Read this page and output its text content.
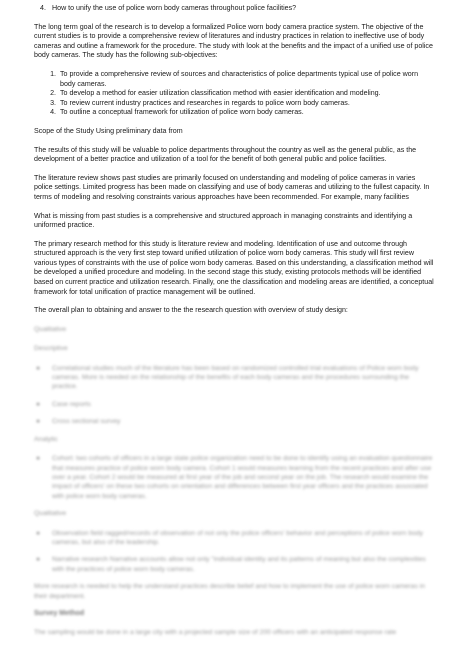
4. How to unify the use of police worn body cameras throughout police facilities?

The long term goal of the research is to develop a formalized Police worn body camera practice system. The objective of the current studies is to provide a comprehensive review of literatures and industry practices in relation to ineffective use of body cameras and outline a framework for the procedure. The study with look at the benefits and the impact of a unified use of police body cameras. The study has the following sub-objectives:

1. To provide a comprehensive review of sources and characteristics of police departments typical use of police worn body cameras.
2. To develop a method for easier utilization classification method with easier identification and modeling.
3. To review current industry practices and researches in regards to police worn body cameras.
4. To outline a conceptual framework for utilization of police worn body cameras.

Scope of the Study Using preliminary data from

The results of this study will be valuable to police departments throughout the country as well as the general public, as the development of a better practice and utilization of a tool for the benefit of both general public and police facilities.

The literature review shows past studies are primarily focused on understanding and modeling of police cameras in varies police settings. Limited progress has been made on classifying and use of body cameras and utilizing to the fullest capacity. In terms of modeling and resolving constraints various approaches have been recommended. For example, many facilities

What is missing from past studies is a comprehensive and structured approach in managing constraints and identifying a uniformed practice.

The primary research method for this study is literature review and modeling. Identification of use and outcome through structured approach is the very first step toward unified utilization of police worn body cameras. This study will first review various types of constraints with the use of police worn body cameras. Based on this understanding, a classification method will be developed a unified procedure and modeling. In the second stage this study, existing protocols methods will be identified based on current practice and utilization research. Finally, one the classification and modeling areas are identified, a conceptual framework for total unification of practice management will be outlined.

The overall plan to obtaining and answer to the the research question with overview of study design:

Qualitative

Descriptive

●	Correlational studies much of the literature has been based on randomized controlled trial evaluations of Police worn body cameras. More is needed on the relationship of the benefits of each body cameras and the procedures surrounding the practice.
●	Case reports
●	Cross sectional survey

Analytic

●	Cohort: two cohorts of officers in a large state police organization need to be done to identify using an evaluation questionnaire that measures practice of police worn body camera. Cohort 1 would measures learning from the recent practices and after use over a year. Cohort 2 would be measured at first year of the job and second year on the job. The research would examine the impact of officers' on these two cohorts on orientation and differences between first year officers and the practices associated with police worn body cameras.

Qualitative

●	Observation field ragged/records of observation of not only the police officers' behavior and perceptions of police worn body cameras, but also of the leadership.
●	Narrative research Narrative accounts allow not only "individual identity and its patterns of meaning but also the complexities with the practices of police worn body cameras.

More research is needed to help the understand practices describe belief and how to implement the use of police worn cameras in their department.

Survey Method

The sampling would be done in a large city with a projected sample size of 200 officers with an anticipated response rate
